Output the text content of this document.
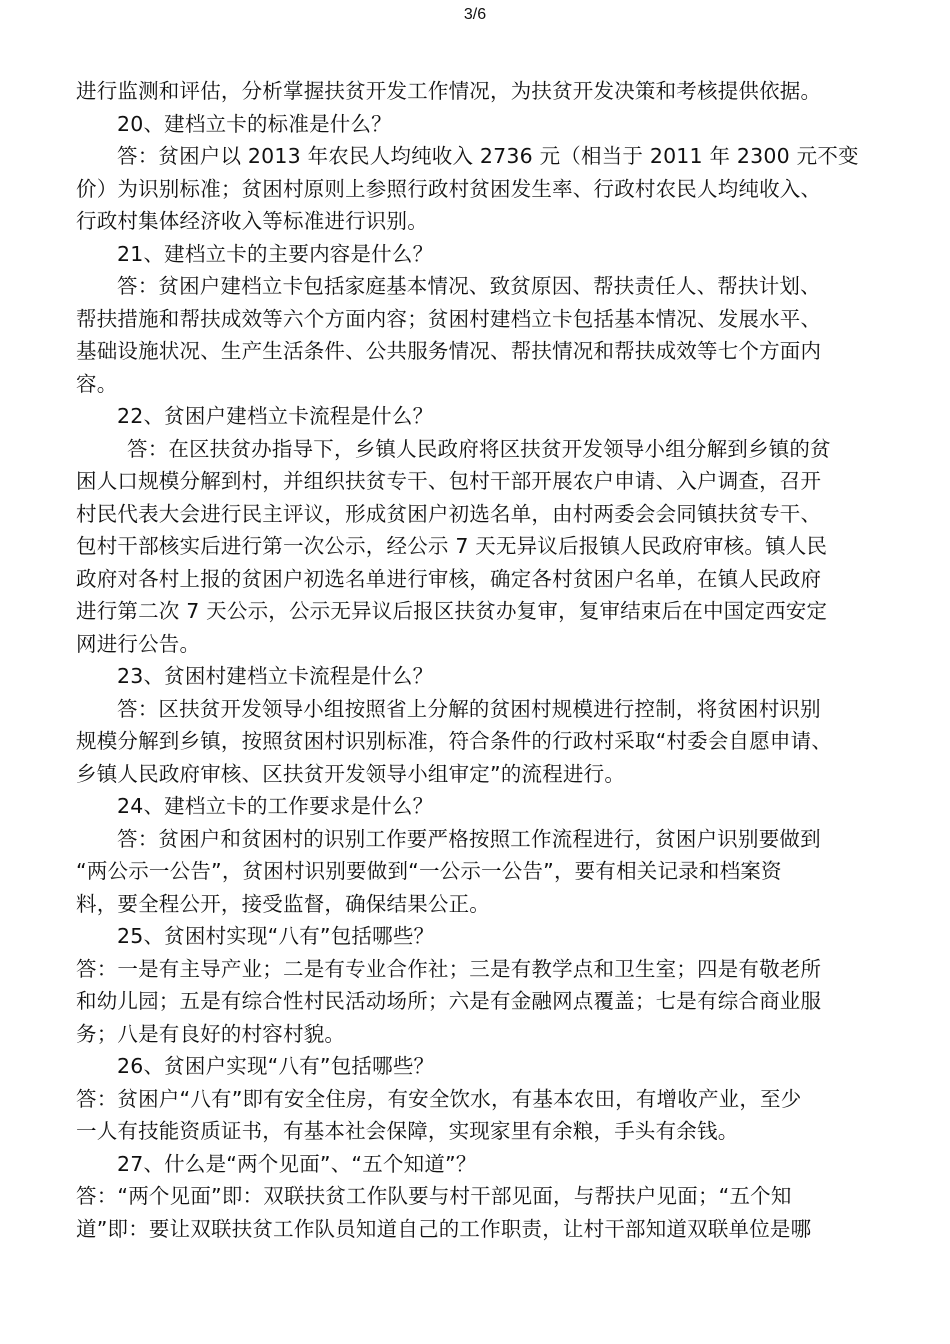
3/6

进行监测和评估，分析掌握扶贫开发工作情况，为扶贫开发决策和考核提供依据。

20、建档立卡的标准是什么？

答：贫困户以 2013 年农民人均纯收入 2736 元（相当于 2011 年 2300 元不变

价）为识别标准；贫困村原则上参照行政村贫困发生率、行政村农民人均纯收入、

行政村集体经济收入等标准进行识别。

21、建档立卡的主要内容是什么？

答：贫困户建档立卡包括家庭基本情况、致贫原因、帮扶责任人、帮扶计划、

帮扶措施和帮扶成效等六个方面内容；贫困村建档立卡包括基本情况、发展水平、

基础设施状况、生产生活条件、公共服务情况、帮扶情况和帮扶成效等七个方面内

容。

22、贫困户建档立卡流程是什么？

答：在区扶贫办指导下，乡镇人民政府将区扶贫开发领导小组分解到乡镇的贫

困人口规模分解到村，并组织扶贫专干、包村干部开展农户申请、入户调查，召开

村民代表大会进行民主评议，形成贫困户初选名单，由村两委会会同镇扶贫专干、

包村干部核实后进行第一次公示，经公示 7 天无异议后报镇人民政府审核。镇人民

政府对各村上报的贫困户初选名单进行审核，确定各村贫困户名单，在镇人民政府

进行第二次 7 天公示，公示无异议后报区扶贫办复审，复审结束后在中国定西安定

网进行公告。

23、贫困村建档立卡流程是什么？

答：区扶贫开发领导小组按照省上分解的贫困村规模进行控制，将贫困村识别

规模分解到乡镇，按照贫困村识别标准，符合条件的行政村采取“村委会自愿申请、

乡镇人民政府审核、区扶贫开发领导小组审定”的流程进行。

24、建档立卡的工作要求是什么？

答：贫困户和贫困村的识别工作要严格按照工作流程进行，贫困户识别要做到

“两公示一公告”，贫困村识别要做到“一公示一公告”，要有相关记录和档案资

料，要全程公开，接受监督，确保结果公正。

25、贫困村实现“八有”包括哪些？

答：一是有主导产业；二是有专业合作社；三是有教学点和卫生室；四是有敬老所

和幼儿园；五是有综合性村民活动场所；六是有金融网点覆盖；七是有综合商业服

务；八是有良好的村容村貌。

26、贫困户实现“八有”包括哪些？

答：贫困户“八有”即有安全住房，有安全饮水，有基本农田，有增收产业，至少

一人有技能资质证书，有基本社会保障，实现家里有余粮，手头有余钱。

27、什么是“两个见面”、“五个知道”？

答：“两个见面”即：双联扶贫工作队要与村干部见面，与帮扶户见面；“五个知

道”即：要让双联扶贫工作队员知道自己的工作职责，让村干部知道双联单位是哪
